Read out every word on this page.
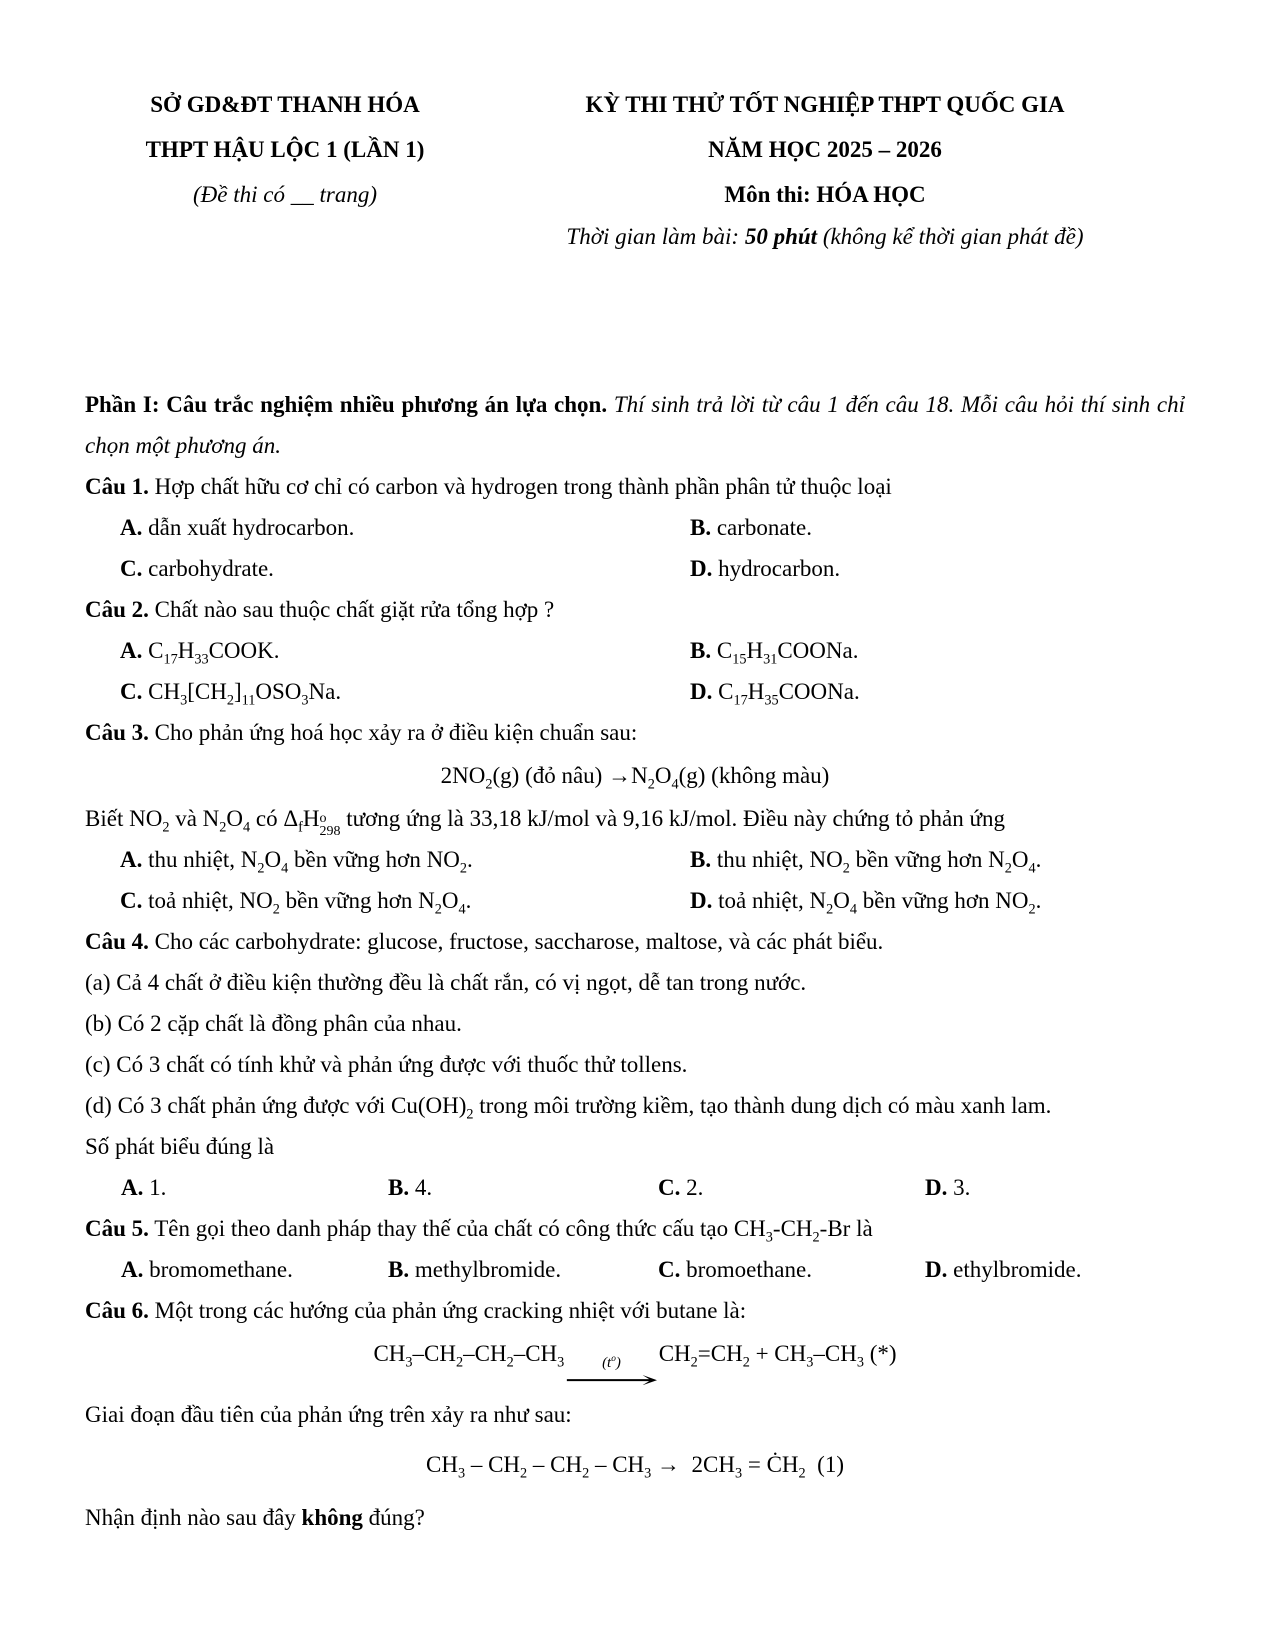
SỞ GD&ĐT THANH HÓA
THPT HẬU LỘC 1 (LẦN 1)
(Đề thi có __ trang)
KỲ THI THỬ TỐT NGHIỆP THPT QUỐC GIA
NĂM HỌC 2025 – 2026
Môn thi: HÓA HỌC
Thời gian làm bài: 50 phút (không kể thời gian phát đề)

Phần I: Câu trắc nghiệm nhiều phương án lựa chọn. Thí sinh trả lời từ câu 1 đến câu 18. Mỗi câu hỏi thí sinh chỉ chọn một phương án.

Câu 1. Hợp chất hữu cơ chỉ có carbon và hydrogen trong thành phần phân tử thuộc loại

A. dẫn xuất hydrocarbon.	B. carbonate.
C. carbohydrate.	D. hydrocarbon.

Câu 2. Chất nào sau thuộc chất giặt rửa tổng hợp ?

A. $C_{17}H_{33}COOK$.	B. $C_{15}H_{31}COONa$.
C. $CH_3[CH_2]_{11}OSO_3Na$.	D. $C_{17}H_{35}COONa$.

Câu 3. Cho phản ứng hoá học xảy ra ở điều kiện chuẩn sau:

$2NO_2(g)$ (đỏ nâu) $\to N_2O_4(g)$ (không màu)

Biết $NO_2$ và $N_2O_4$ có $\Delta_fH$ o
298
tương ứng là 33,18 kJ/mol và 9,16 kJ/mol. Điều này chứng tỏ phản ứng

A. thu nhiệt, $N_2O_4$ bền vững hơn $NO_2$.	B. thu nhiệt, $NO_2$ bền vững hơn $N_2O_4$.
C. toả nhiệt, $NO_2$ bền vững hơn $N_2O_4$.	D. toả nhiệt, $N_2O_4$ bền vững hơn $NO_2$.

Câu 4. Cho các carbohydrate: glucose, fructose, saccharose, maltose, và các phát biểu.

(a) Cả 4 chất ở điều kiện thường đều là chất rắn, có vị ngọt, dễ tan trong nước.

(b) Có 2 cặp chất là đồng phân của nhau.

(c) Có 3 chất có tính khử và phản ứng được với thuốc thử tollens.

(d) Có 3 chất phản ứng được với $Cu(OH)_2$ trong môi trường kiềm, tạo thành dung dịch có màu xanh lam.

Số phát biểu đúng là

A. 1.	B. 4.	C. 2.	D. 3.

Câu 5. Tên gọi theo danh pháp thay thế của chất có công thức cấu tạo $CH_3-CH_2-Br$ là

A. bromomethane.	B. methylbromide.	C. bromoethane.	D. ethylbromide.

Câu 6. Một trong các hướng của phản ứng cracking nhiệt với butane là:

$CH_3-CH_2-CH_2-CH_3$	$(t^o)$
⟶
$CH_2=CH_2 + CH_3-CH_3$ (*)

Giai đoạn đầu tiên của phản ứng trên xảy ra như sau:

$CH_3 - CH_2 - CH_2 - CH_3 \to 2CH_3$ = $ĊH_2$  (1)

Nhận định nào sau đây không đúng?
